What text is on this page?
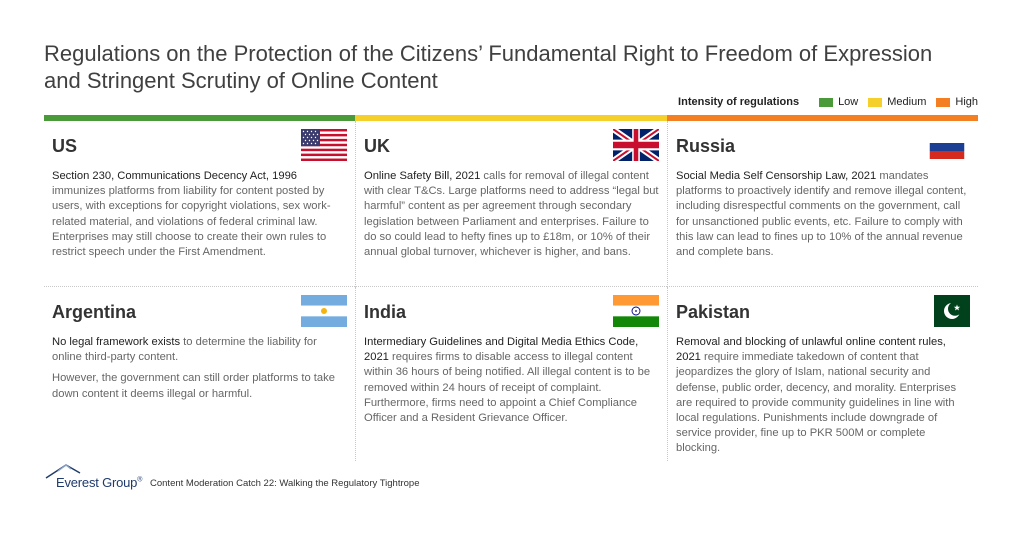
Regulations on the Protection of the Citizens’ Fundamental Right to Freedom of Expression and Stringent Scrutiny of Online Content
Intensity of regulations	Low	Medium	High
US
Section 230, Communications Decency Act, 1996 immunizes platforms from liability for content posted by users, with exceptions for copyright violations, sex work-related material, and violations of federal criminal law. Enterprises may still choose to create their own rules to restrict speech under the First Amendment.
UK
Online Safety Bill, 2021 calls for removal of illegal content with clear T&Cs. Large platforms need to address “legal but harmful” content as per agreement through secondary legislation between Parliament and enterprises. Failure to do so could lead to hefty fines up to £18m, or 10% of their annual global turnover, whichever is higher, and bans.
Russia
Social Media Self Censorship Law, 2021 mandates platforms to proactively identify and remove illegal content, including disrespectful comments on the government, call for unsanctioned public events, etc. Failure to comply with this law can lead to fines up to 10% of the annual revenue and complete bans.
Argentina

No legal framework exists to determine the liability for online third-party content.

However, the government can still order platforms to take down content it deems illegal or harmful.

India
Intermediary Guidelines and Digital Media Ethics Code, 2021 requires firms to disable access to illegal content within 36 hours of being notified. All illegal content is to be removed within 24 hours of receipt of complaint. Furthermore, firms need to appoint a Chief Compliance Officer and a Resident Grievance Officer.
Pakistan
Removal and blocking of unlawful online content rules, 2021 require immediate takedown of content that jeopardizes the glory of Islam, national security and defense, public order, decency, and morality. Enterprises are required to provide community guidelines in line with local regulations. Punishments include downgrade of service provider, fine up to PKR 500M or complete blocking.
Everest Group® Content Moderation Catch 22: Walking the Regulatory Tightrope
